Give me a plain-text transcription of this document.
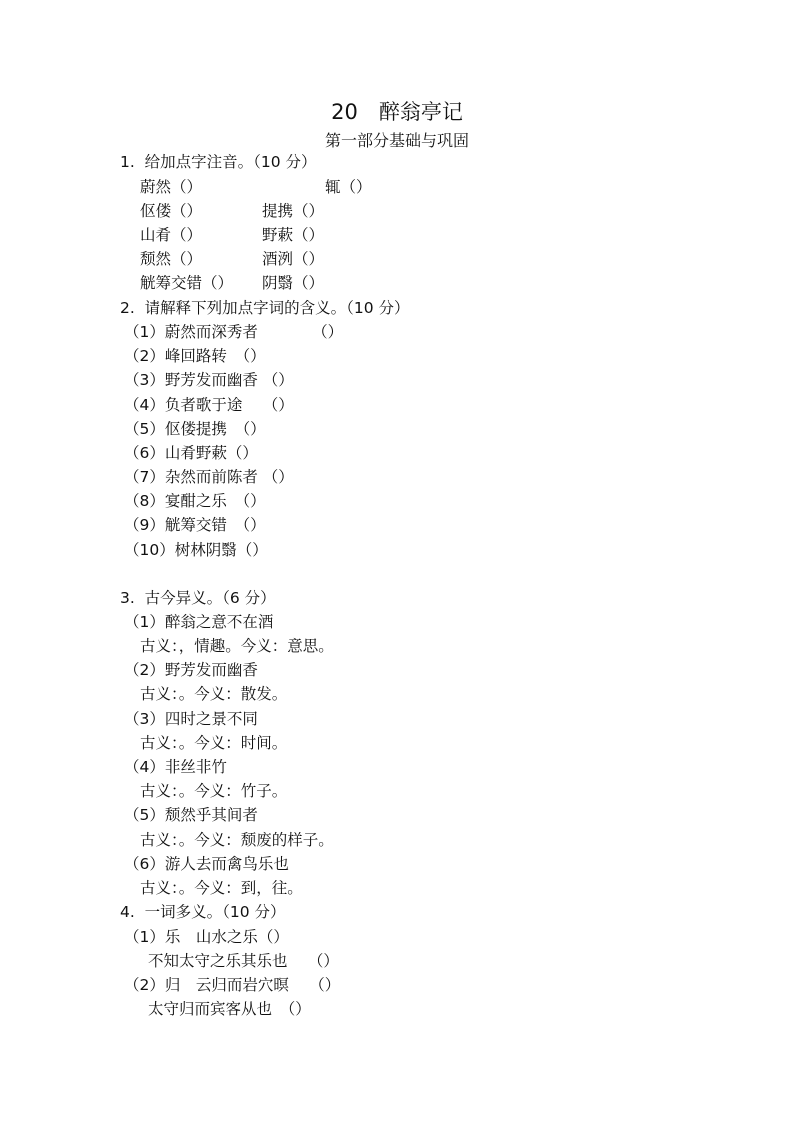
20　醉翁亭记
第一部分基础与巩固
1.  给加点字注音。（10 分）
蔚然（）	辄（）
伛偻（）	提携（）
山肴（）	野蔌（）
颓然（）	酒洌（）
觥筹交错（） 阴翳（）
2.  请解释下列加点字词的含义。（10 分）
（1）蔚然而深秀者　　　　（）
（2）峰回路转　（）
（3）野芳发而幽香 （）
（4）负者歌于途　 （）
（5）伛偻提携　（）
（6）山肴野蔌（）
（7）杂然而前陈者 （）
（8）宴酣之乐　（）
（9）觥筹交错　（）
（10）树林阴翳（）
3.  古今异义。（6 分）
（1）醉翁之意不在酒
古义：，情趣。今义：意思。
（2）野芳发而幽香
古义：。今义：散发。
（3）四时之景不同
古义：。今义：时间。
（4）非丝非竹
古义：。今义：竹子。
（5）颓然乎其间者
古义：。今义：颓废的样子。
（6）游人去而禽鸟乐也
古义：。今义：到，往。
4.  一词多义。（10 分）
（1）乐　山水之乐（）
不知太守之乐其乐也　 （）
（2）归　云归而岩穴暝　 （）
太守归而宾客从也　（）
